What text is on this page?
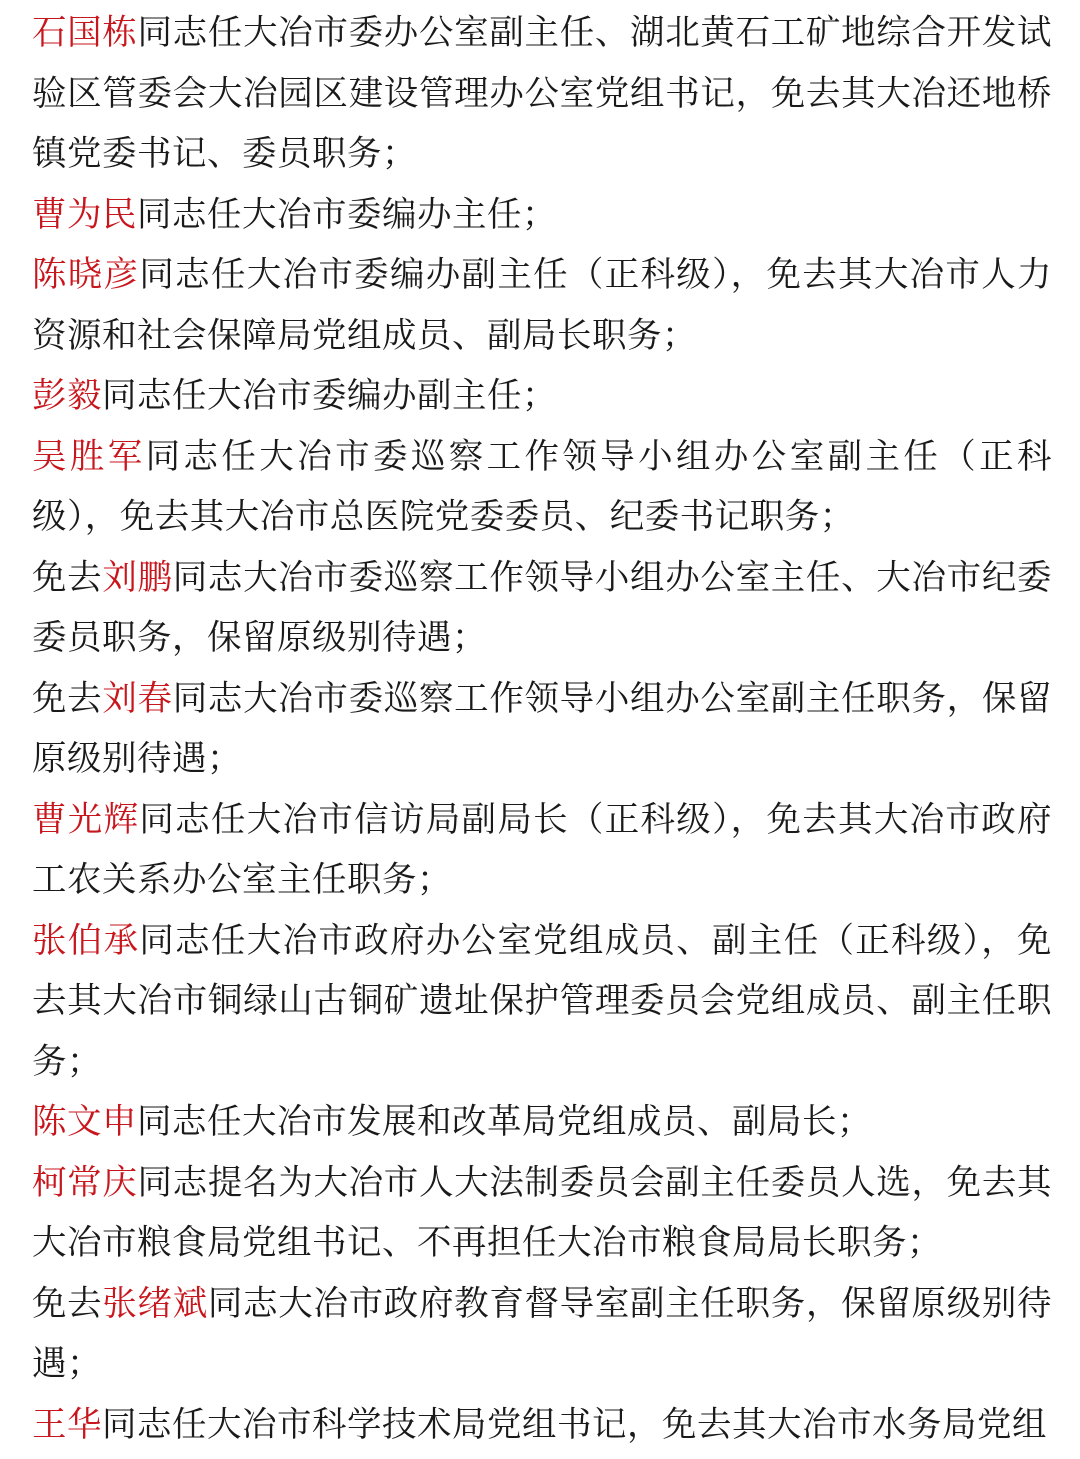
石国栋同志任大冶市委办公室副主任、湖北黄石工矿地综合开发试验区管委会大冶园区建设管理办公室党组书记，免去其大冶还地桥镇党委书记、委员职务；

曹为民同志任大冶市委编办主任；

陈晓彦同志任大冶市委编办副主任（正科级），免去其大冶市人力资源和社会保障局党组成员、副局长职务；

彭毅同志任大冶市委编办副主任；

吴胜军同志任大冶市委巡察工作领导小组办公室副主任（正科级），免去其大冶市总医院党委委员、纪委书记职务；

免去刘鹏同志大冶市委巡察工作领导小组办公室主任、大冶市纪委委员职务，保留原级别待遇；

免去刘春同志大冶市委巡察工作领导小组办公室副主任职务，保留原级别待遇；

曹光辉同志任大冶市信访局副局长（正科级），免去其大冶市政府工农关系办公室主任职务；

张伯承同志任大冶市政府办公室党组成员、副主任（正科级），免去其大冶市铜绿山古铜矿遗址保护管理委员会党组成员、副主任职务；

陈文申同志任大冶市发展和改革局党组成员、副局长；

柯常庆同志提名为大冶市人大法制委员会副主任委员人选，免去其大冶市粮食局党组书记、不再担任大冶市粮食局局长职务；

免去张绪斌同志大冶市政府教育督导室副主任职务，保留原级别待遇；

王华同志任大冶市科学技术局党组书记，免去其大冶市水务局党组
